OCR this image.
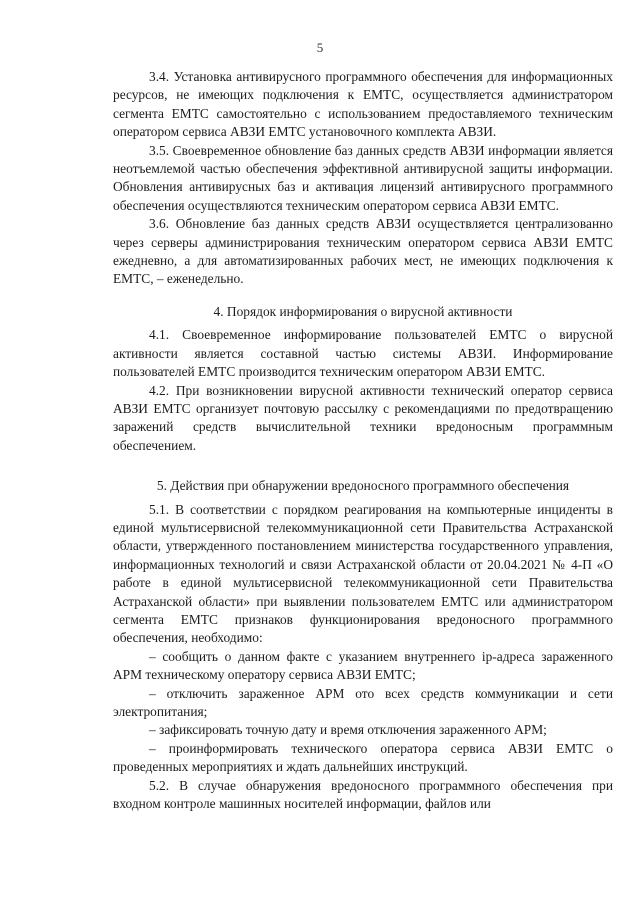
5

3.4. Установка антивирусного программного обеспечения для информационных ресурсов, не имеющих подключения к ЕМТС, осуществляется администратором сегмента ЕМТС самостоятельно с использованием предоставляемого техническим оператором сервиса АВЗИ ЕМТС установочного комплекта АВЗИ.

3.5. Своевременное обновление баз данных средств АВЗИ информации является неотъемлемой частью обеспечения эффективной антивирусной защиты информации. Обновления антивирусных баз и активация лицензий антивирусного программного обеспечения осуществляются техническим оператором сервиса АВЗИ ЕМТС.

3.6. Обновление баз данных средств АВЗИ осуществляется централизованно через серверы администрирования техническим оператором сервиса АВЗИ ЕМТС ежедневно, а для автоматизированных рабочих мест, не имеющих подключения к ЕМТС, – еженедельно.

4. Порядок информирования о вирусной активности

4.1. Своевременное информирование пользователей ЕМТС о вирусной активности является составной частью системы АВЗИ. Информирование пользователей ЕМТС производится техническим оператором АВЗИ ЕМТС.

4.2. При возникновении вирусной активности технический оператор сервиса АВЗИ ЕМТС организует почтовую рассылку с рекомендациями по предотвращению заражений средств вычислительной техники вредоносным программным обеспечением.

5. Действия при обнаружении вредоносного программного обеспечения

5.1. В соответствии с порядком реагирования на компьютерные инциденты в единой мультисервисной телекоммуникационной сети Правительства Астраханской области, утвержденного постановлением министерства государственного управления, информационных технологий и связи Астраханской области от 20.04.2021 № 4-П «О работе в единой мультисервисной телекоммуникационной сети Правительства Астраханской области» при выявлении пользователем ЕМТС или администратором сегмента ЕМТС признаков функционирования вредоносного программного обеспечения, необходимо:

– сообщить о данном факте с указанием внутреннего ip-адреса зараженного АРМ техническому оператору сервиса АВЗИ ЕМТС;

– отключить зараженное АРМ ото всех средств коммуникации и сети электропитания;

– зафиксировать точную дату и время отключения зараженного АРМ;

– проинформировать технического оператора сервиса АВЗИ ЕМТС о проведенных мероприятиях и ждать дальнейших инструкций.

5.2. В случае обнаружения вредоносного программного обеспечения при входном контроле машинных носителей информации, файлов или
